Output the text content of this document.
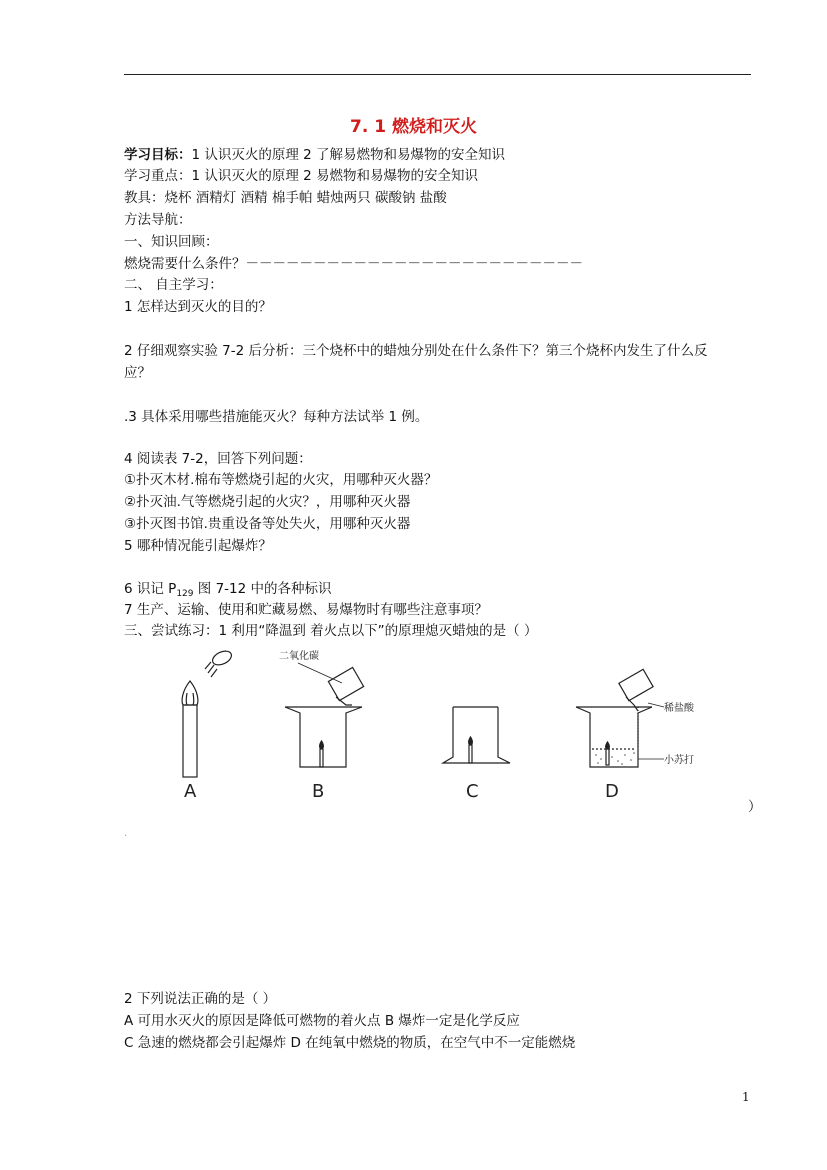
7. 1 燃烧和灭火
学习目标：1 认识灭火的原理 2 了解易燃物和易爆物的安全知识
学习重点：1 认识灭火的原理 2 易燃物和易爆物的安全知识
教具：烧杯 酒精灯 酒精 棉手帕 蜡烛两只 碳酸钠 盐酸
方法导航：
一、知识回顾：
燃烧需要什么条件？－－－－－－－－－－－－－－－－－－－－－－－－－
二、 自主学习：
1 怎样达到灭火的目的？
2 仔细观察实验 7-2 后分析：三个烧杯中的蜡烛分别处在什么条件下？第三个烧杯内发生了什么反
应？
.3 具体采用哪些措施能灭火？每种方法试举 1 例。
4 阅读表 7-2，回答下列问题：
①扑灭木材.棉布等燃烧引起的火灾，用哪种灭火器？
②扑灭油.气等燃烧引起的火灾？，用哪种灭火器
③扑灭图书馆.贵重设备等处失火，用哪种灭火器
5 哪种情况能引起爆炸？
6 识记 $P_{129}$ 图 7-12 中的各种标识
7 生产、运输、使用和贮藏易燃、易爆物时有哪些注意事项？
三、尝试练习：1 利用“降温到 着火点以下”的原理熄灭蜡烛的是（ ）
A
二氧化碳
B	C
稀盐酸
小苏打
D
）
.
2 下列说法正确的是（ ）
A 可用水灭火的原因是降低可燃物的着火点 B 爆炸一定是化学反应
C 急速的燃烧都会引起爆炸 D 在纯氧中燃烧的物质，在空气中不一定能燃烧
1
